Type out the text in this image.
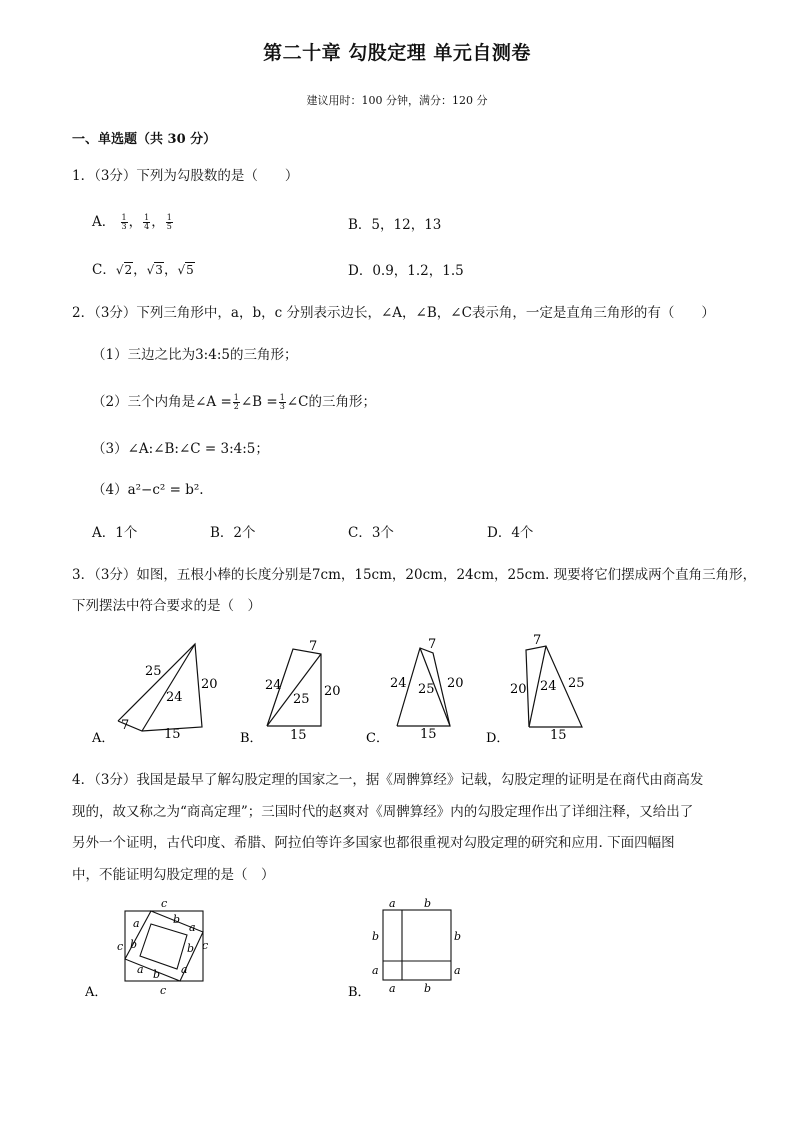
第二十章 勾股定理 单元自测卷
建议用时：100 分钟，满分：120 分
一、单选题（共 30 分）
1．（3分）下列为勾股数的是（　　）
A． $\frac{1}{3}$ ， $\frac{1}{4}$ ， $\frac{1}{5}$	B．5，12，13
C．√2，√3，√5	D．0.9，1.2，1.5
2．（3分）下列三角形中，a，b，c 分别表示边长，∠A，∠B，∠C表示角，一定是直角三角形的有（　　）
（1）三边之比为3:4:5的三角形；
（2）三个内角是∠A = $\frac{1}{2}$ ∠B = $\frac{1}{3}$ ∠C的三角形；
（3）∠A:∠B:∠C = 3:4:5；
（4）a²−c² = b².
A．1个	B．2个	C．3个	D．4个
3．（3分）如图，五根小棒的长度分别是7cm，15cm，20cm，24cm，25cm. 现要将它们摆成两个直角三角形，
下列摆法中符合要求的是（　）
A．
25
24
20
7
15	B．
7
24
25
20
15	C．
7
24 25 20
15	D．
7
20 24 25
15
4．（3分）我国是最早了解勾股定理的国家之一，据《周髀算经》记载，勾股定理的证明是在商代由商高发
现的，故又称之为“商高定理”；三国时代的赵爽对《周髀算经》内的勾股定理作出了详细注释，又给出了
另外一个证明，古代印度、希腊、阿拉伯等许多国家也都很重视对勾股定理的研究和应用. 下面四幅图
中，不能证明勾股定理的是（　）
A．
c
a	b
a
c b	c
b
a b a
c	B．
a	b
b	b
a	a
a	b
